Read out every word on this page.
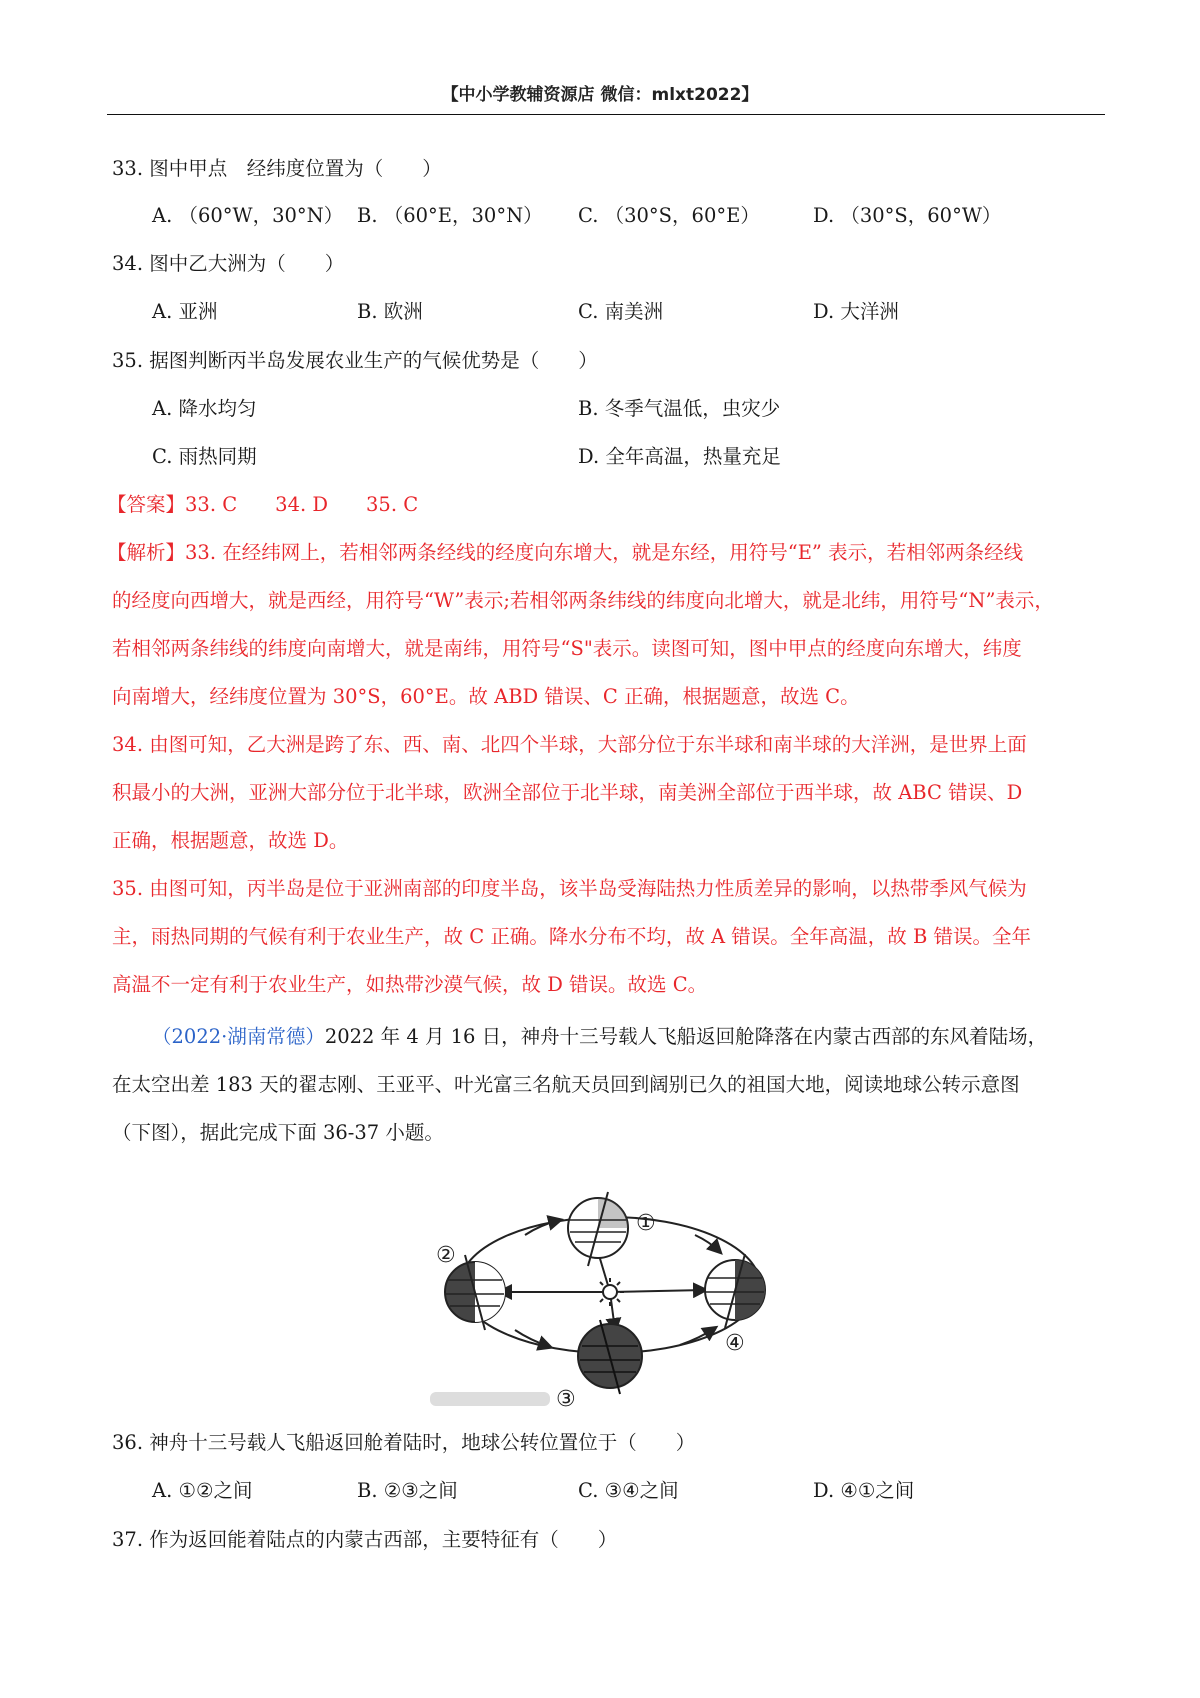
【中小学教辅资源店 微信：mlxt2022】
33. 图中甲点　经纬度位置为（　　）
A. （60°W，30°N） B. （60°E，30°N） C. （30°S，60°E）	D. （30°S，60°W）
34. 图中乙大洲为（　　）
A. 亚洲	B. 欧洲	C. 南美洲	D. 大洋洲
35. 据图判断丙半岛发展农业生产的气候优势是（　　）
A. 降水均匀	B. 冬季气温低，虫灾少
C. 雨热同期	D. 全年高温，热量充足
【答案】33. C 34. D 35. C
【解析】33. 在经纬网上，若相邻两条经线的经度向东增大，就是东经，用符号“E” 表示，若相邻两条经线
的经度向西增大，就是西经，用符号“W”表示;若相邻两条纬线的纬度向北增大，就是北纬，用符号“N”表示，
若相邻两条纬线的纬度向南增大，就是南纬，用符号“S"表示。读图可知，图中甲点的经度向东增大，纬度
向南增大，经纬度位置为 30°S，60°E。故 ABD 错误、C 正确，根据题意，故选 C。
34. 由图可知，乙大洲是跨了东、西、南、北四个半球，大部分位于东半球和南半球的大洋洲，是世界上面
积最小的大洲，亚洲大部分位于北半球，欧洲全部位于北半球，南美洲全部位于西半球，故 ABC 错误、D
正确，根据题意，故选 D。
35. 由图可知，丙半岛是位于亚洲南部的印度半岛，该半岛受海陆热力性质差异的影响，以热带季风气候为
主，雨热同期的气候有利于农业生产，故 C 正确。降水分布不均，故 A 错误。全年高温，故 B 错误。全年
高温不一定有利于农业生产，如热带沙漠气候，故 D 错误。故选 C。
（2022·湖南常德）2022 年 4 月 16 日，神舟十三号载人飞船返回舱降落在内蒙古西部的东风着陆场，
在太空出差 183 天的翟志刚、王亚平、叶光富三名航天员回到阔别已久的祖国大地，阅读地球公转示意图
（下图），据此完成下面 36-37 小题。
①
②
③
④
36. 神舟十三号载人飞船返回舱着陆时，地球公转位置位于（　　）
A. ①②之间	B. ②③之间	C. ③④之间	D. ④①之间
37. 作为返回能着陆点的内蒙古西部，主要特征有（　　）
